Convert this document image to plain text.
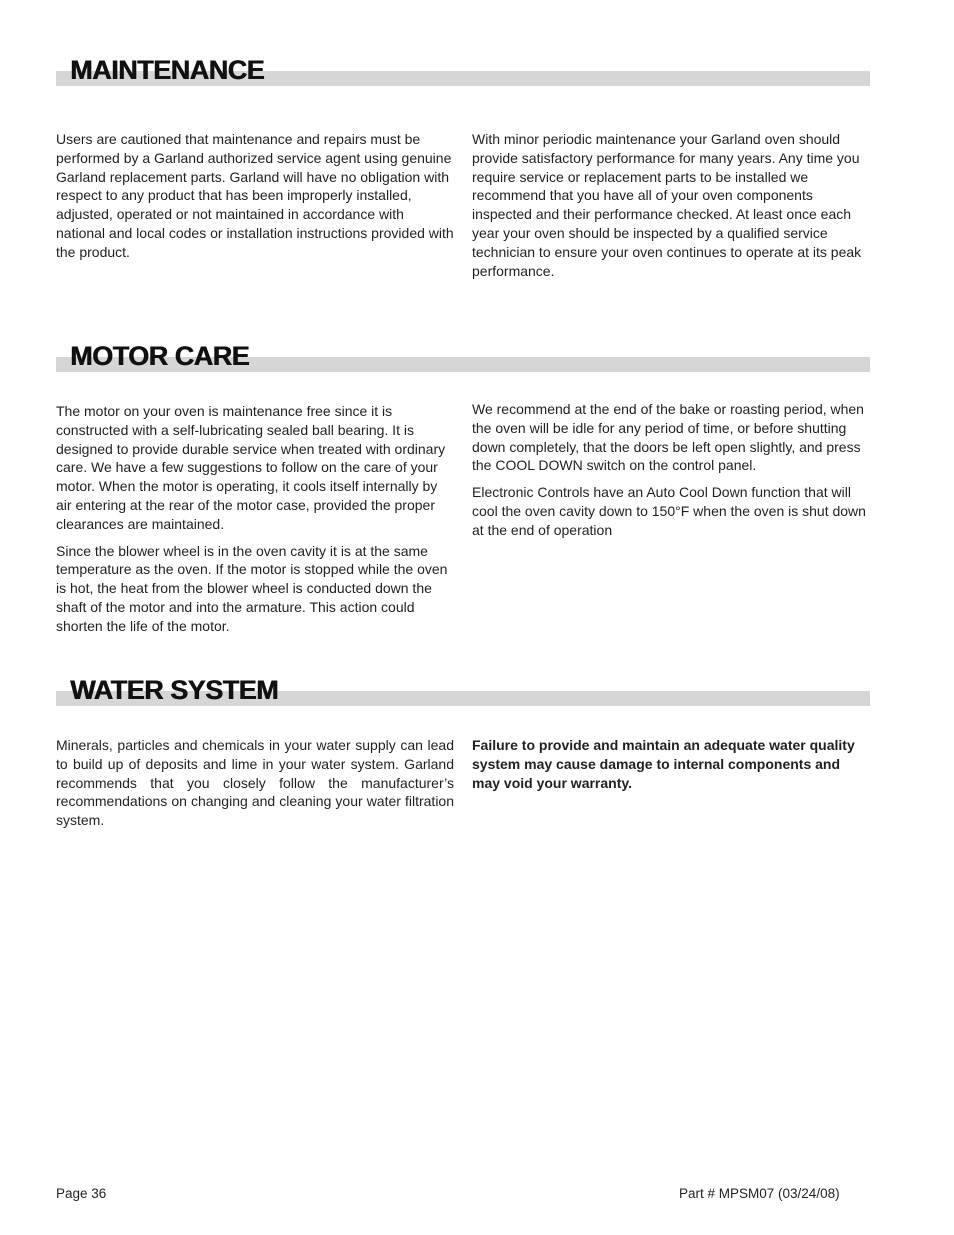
MAINTENANCE

Users are cautioned that maintenance and repairs must be performed by a Garland authorized service agent using genuine Garland replacement parts. Garland will have no obligation with respect to any product that has been improperly installed, adjusted, operated or not maintained in accordance with national and local codes or installation instructions provided with the product.

With minor periodic maintenance your Garland oven should provide satisfactory performance for many years. Any time you require service or replacement parts to be installed we recommend that you have all of your oven components inspected and their performance checked. At least once each year your oven should be inspected by a qualified service technician to ensure your oven continues to operate at its peak performance.

MOTOR CARE

The motor on your oven is maintenance free since it is constructed with a self-lubricating sealed ball bearing. It is designed to provide durable service when treated with ordinary care. We have a few suggestions to follow on the care of your motor. When the motor is operating, it cools itself internally by air entering at the rear of the motor case, provided the proper clearances are maintained.

Since the blower wheel is in the oven cavity it is at the same temperature as the oven. If the motor is stopped while the oven is hot, the heat from the blower wheel is conducted down the shaft of the motor and into the armature. This action could shorten the life of the motor.

We recommend at the end of the bake or roasting period, when the oven will be idle for any period of time, or before shutting down completely, that the doors be left open slightly, and press the COOL DOWN switch on the control panel.

Electronic Controls have an Auto Cool Down function that will cool the oven cavity down to 150°F when the oven is shut down at the end of operation

WATER SYSTEM

Minerals, particles and chemicals in your water supply can lead to build up of deposits and lime in your water system. Garland recommends that you closely follow the manufacturer’s recommendations on changing and cleaning your water filtration system.

Failure to provide and maintain an adequate water quality system may cause damage to internal components and may void your warranty.

Page 36	Part # MPSM07 (03/24/08)
